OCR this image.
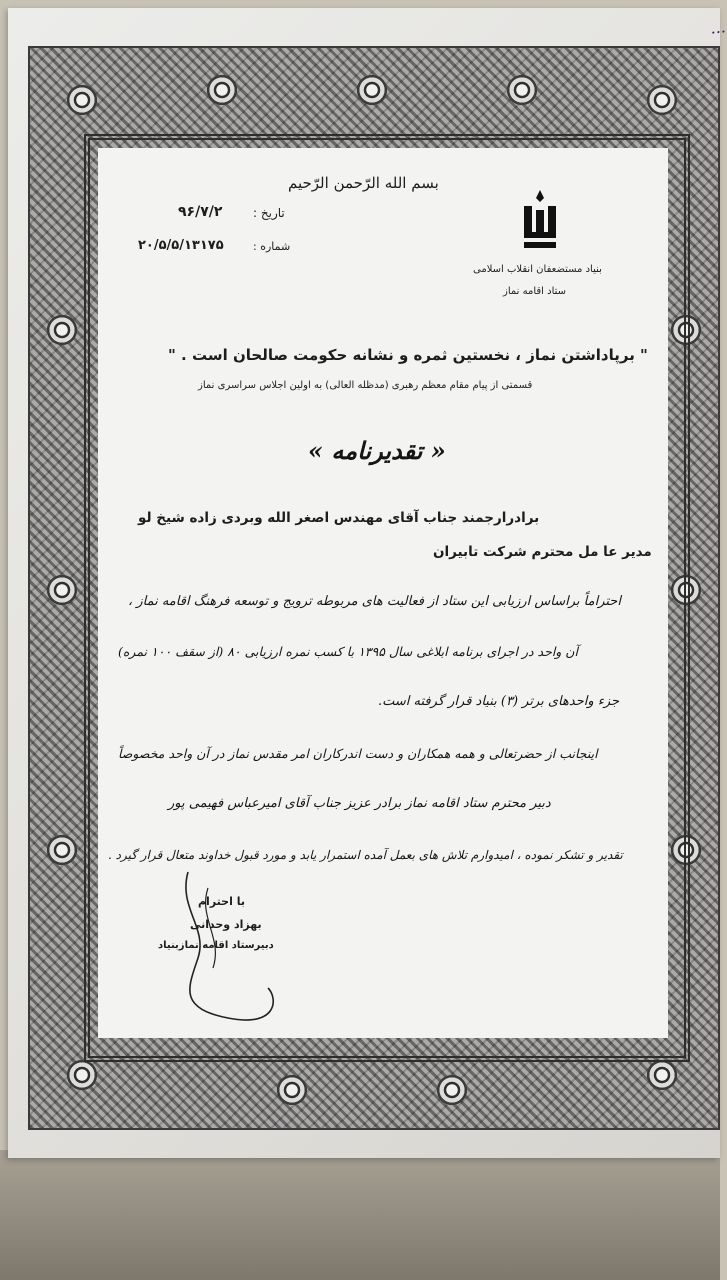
...
بسم الله الرّحمن الرّحیم
تاریخ :
۹۶/۷/۲
شماره :
۲۰/۵/۵/۱۳۱۷۵
بنیاد مستضعفان انقلاب اسلامی
ستاد اقامه نماز
" برپاداشتن نماز ، نخستین ثمره و نشانه حکومت صالحان است . "
قسمتی از پیام مقام معظم رهبری (مدظله العالی) به اولین اجلاس سراسری نماز
« تقدیرنامه »
برادرارجمند جناب آقای مهندس اصغر الله وبردی زاده شیخ لو
مدیر عا مل محترم شرکت تابیران
احتراماً براساس ارزیابی این ستاد از فعالیت های مربوطه ترویج و توسعه فرهنگ اقامه نماز ،
آن واحد در اجرای برنامه ابلاغی سال ۱۳۹۵ با کسب نمره ارزیابی ۸۰ (از سقف ۱۰۰ نمره)
جزء واحدهای برتر (۳) بنیاد قرار گرفته است.
اینجانب از حضرتعالی و همه همکاران و دست اندرکاران امر مقدس نماز در آن واحد مخصوصاً
دبیر محترم ستاد اقامه نماز برادر عزیز جناب آقای امیرعباس فهیمی پور
تقدیر و تشکر نموده ، امیدوارم تلاش های بعمل آمده استمرار یابد و مورد قبول خداوند متعال قرار گیرد .
با احترام
بهزاد وحدانی
دبیرستاد اقامه نمازبنیاد
